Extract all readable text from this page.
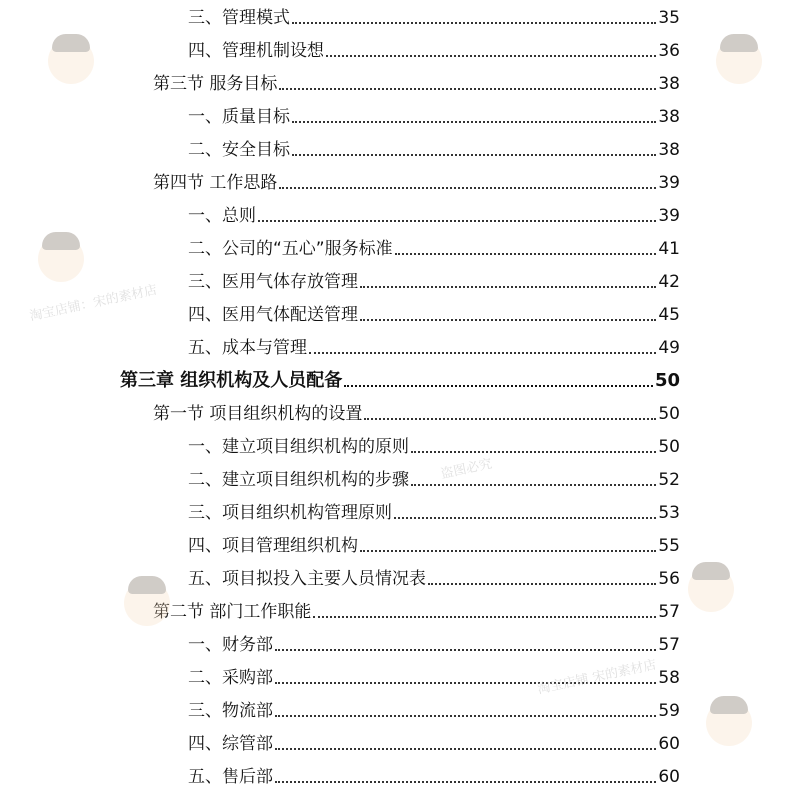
三、管理模式	35
四、管理机制设想	36
第三节 服务目标	38
一、质量目标	38
二、安全目标	38
第四节 工作思路	39
一、总则	39
二、公司的“五心”服务标准	41
三、医用气体存放管理	42
四、医用气体配送管理	45
五、成本与管理	49
第三章 组织机构及人员配备	50
第一节 项目组织机构的设置	50
一、建立项目组织机构的原则	50
二、建立项目组织机构的步骤	52
三、项目组织机构管理原则	53
四、项目管理组织机构	55
五、项目拟投入主要人员情况表	56
第二节 部门工作职能	57
一、财务部	57
二、采购部	58
三、物流部	59
四、综管部	60
五、售后部	60
淘宝店铺：宋的素材店
淘宝店铺 宋的素材店
盗图必究
